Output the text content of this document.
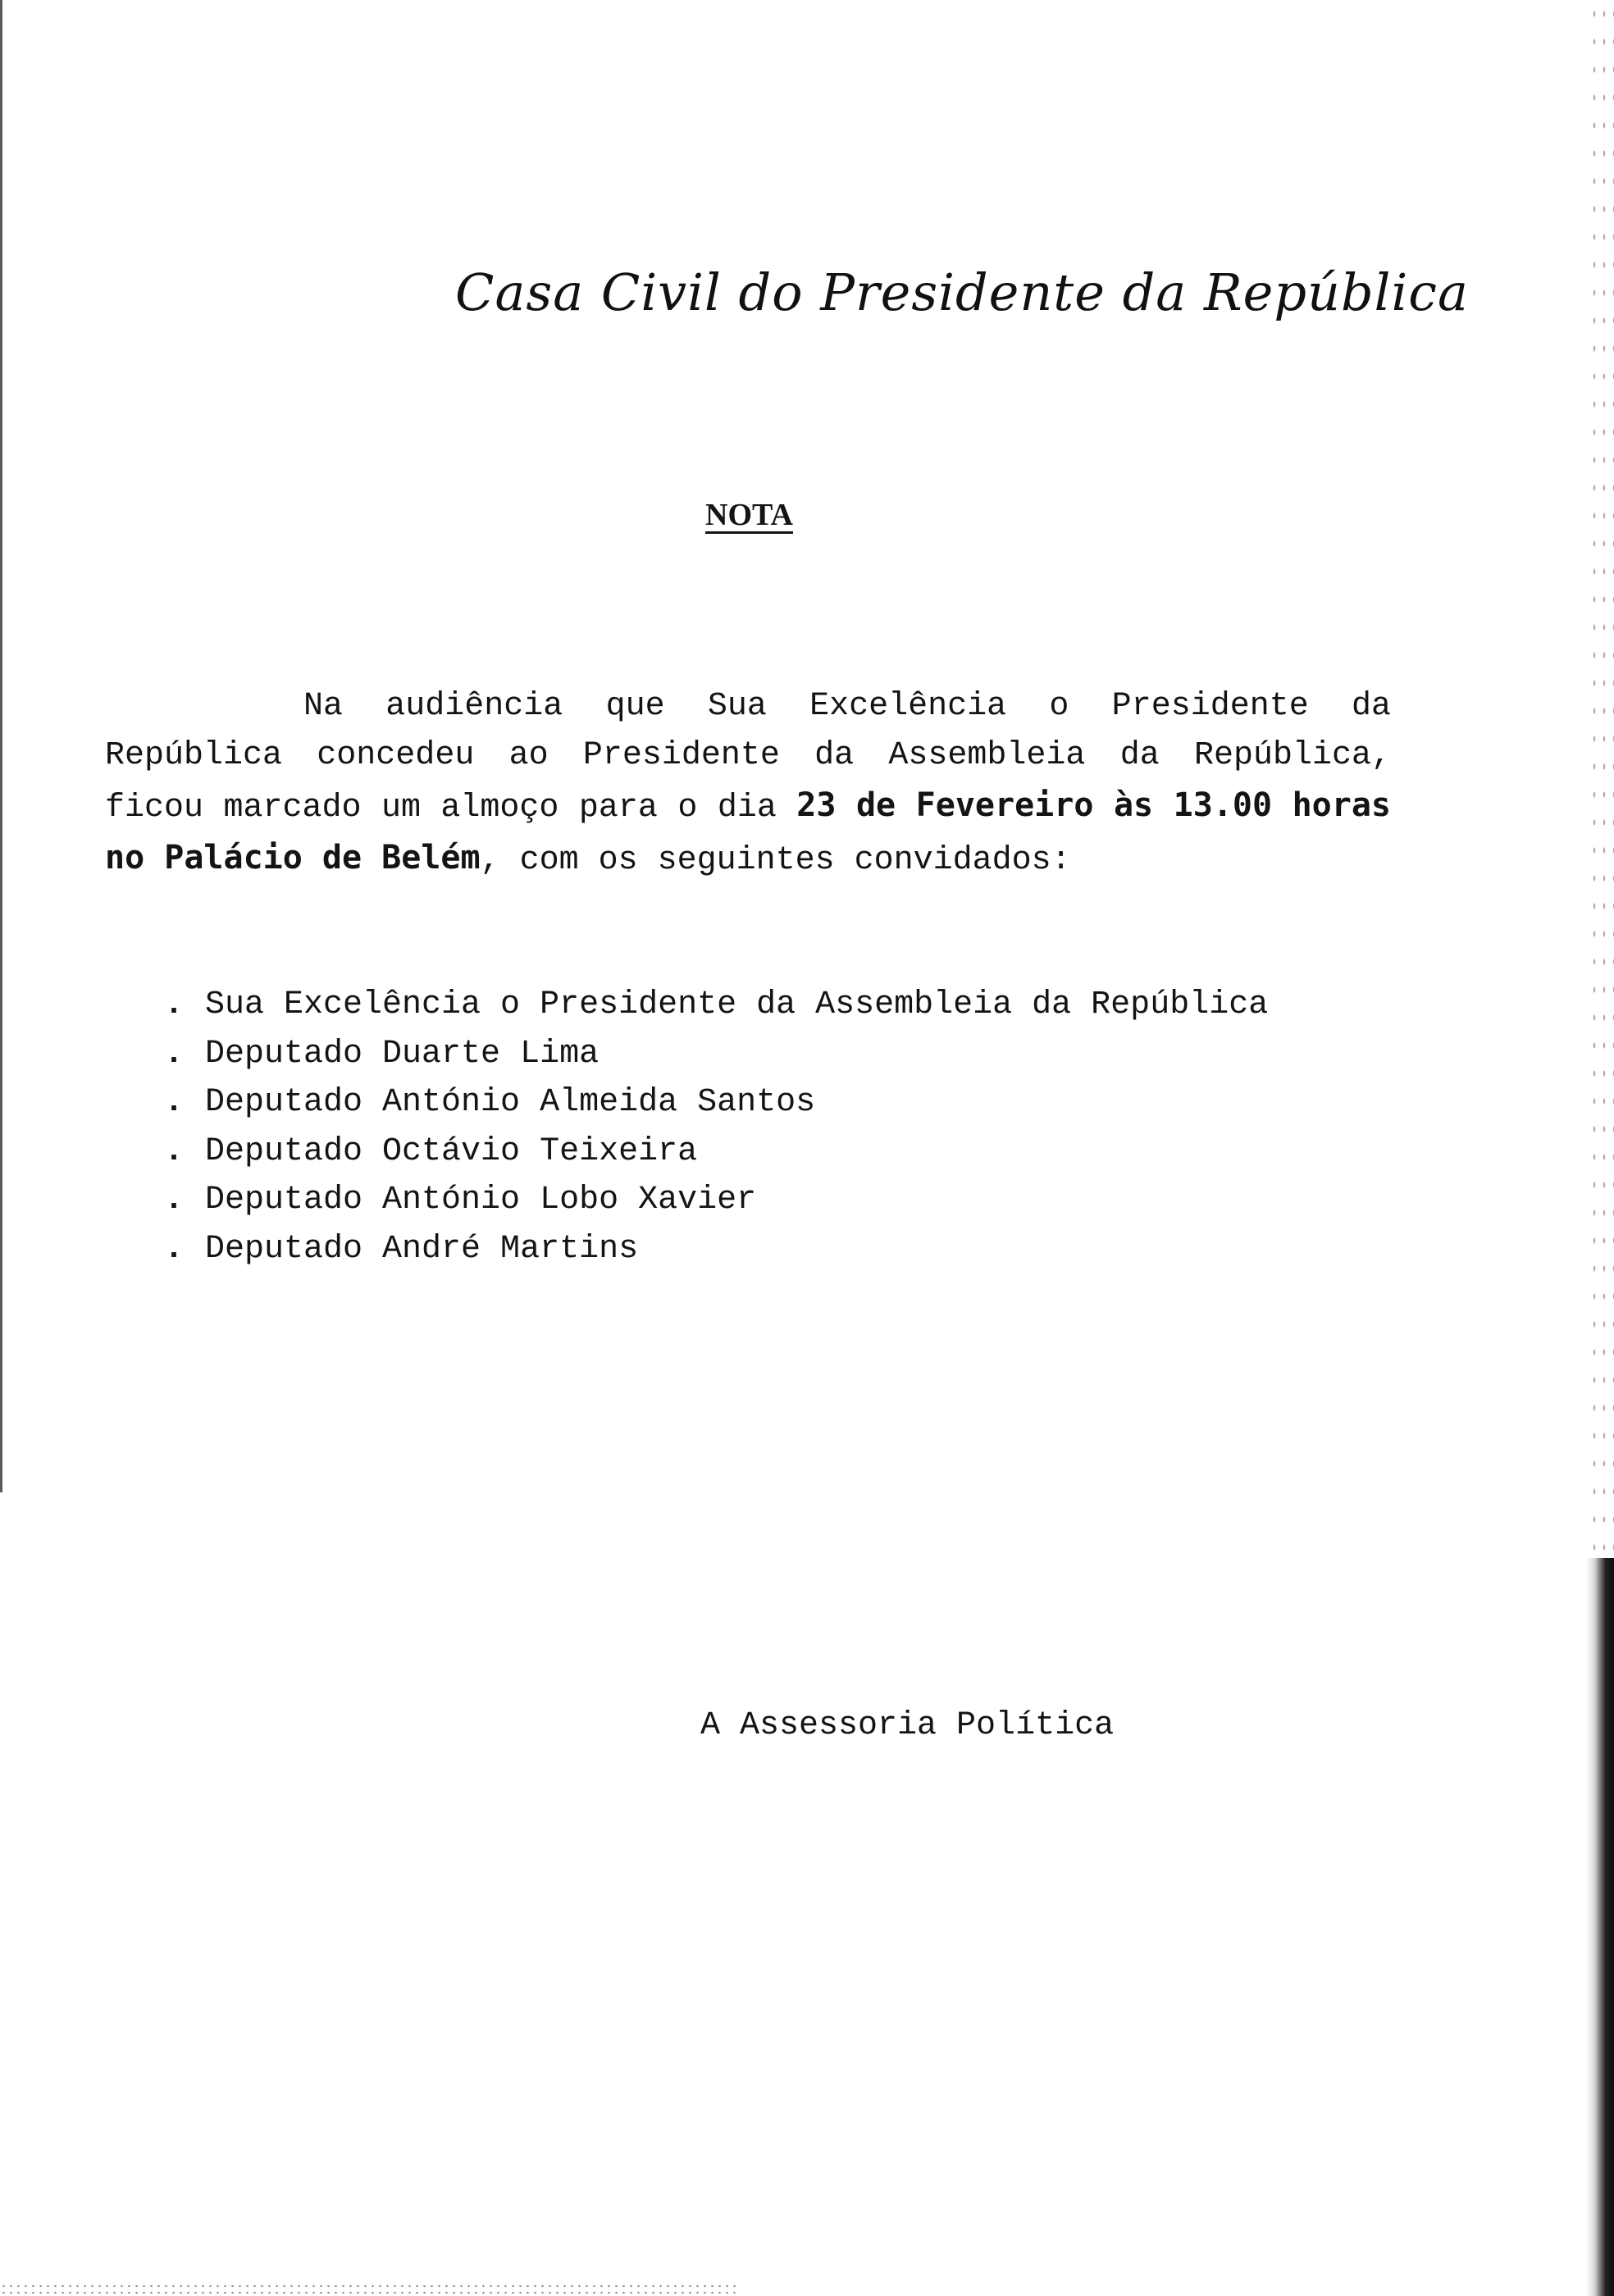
Casa Civil do Presidente da República
NOTA

Na audiência que Sua Excelência o Presidente da República concedeu ao Presidente da Assembleia da República, ficou marcado um almoço para o dia 23 de Fevereiro às 13.00 horas no Palácio de Belém, com os seguintes convidados:

. Sua Excelência o Presidente da Assembleia da República
. Deputado Duarte Lima
. Deputado António Almeida Santos
. Deputado Octávio Teixeira
. Deputado António Lobo Xavier
. Deputado André Martins
A Assessoria Política
